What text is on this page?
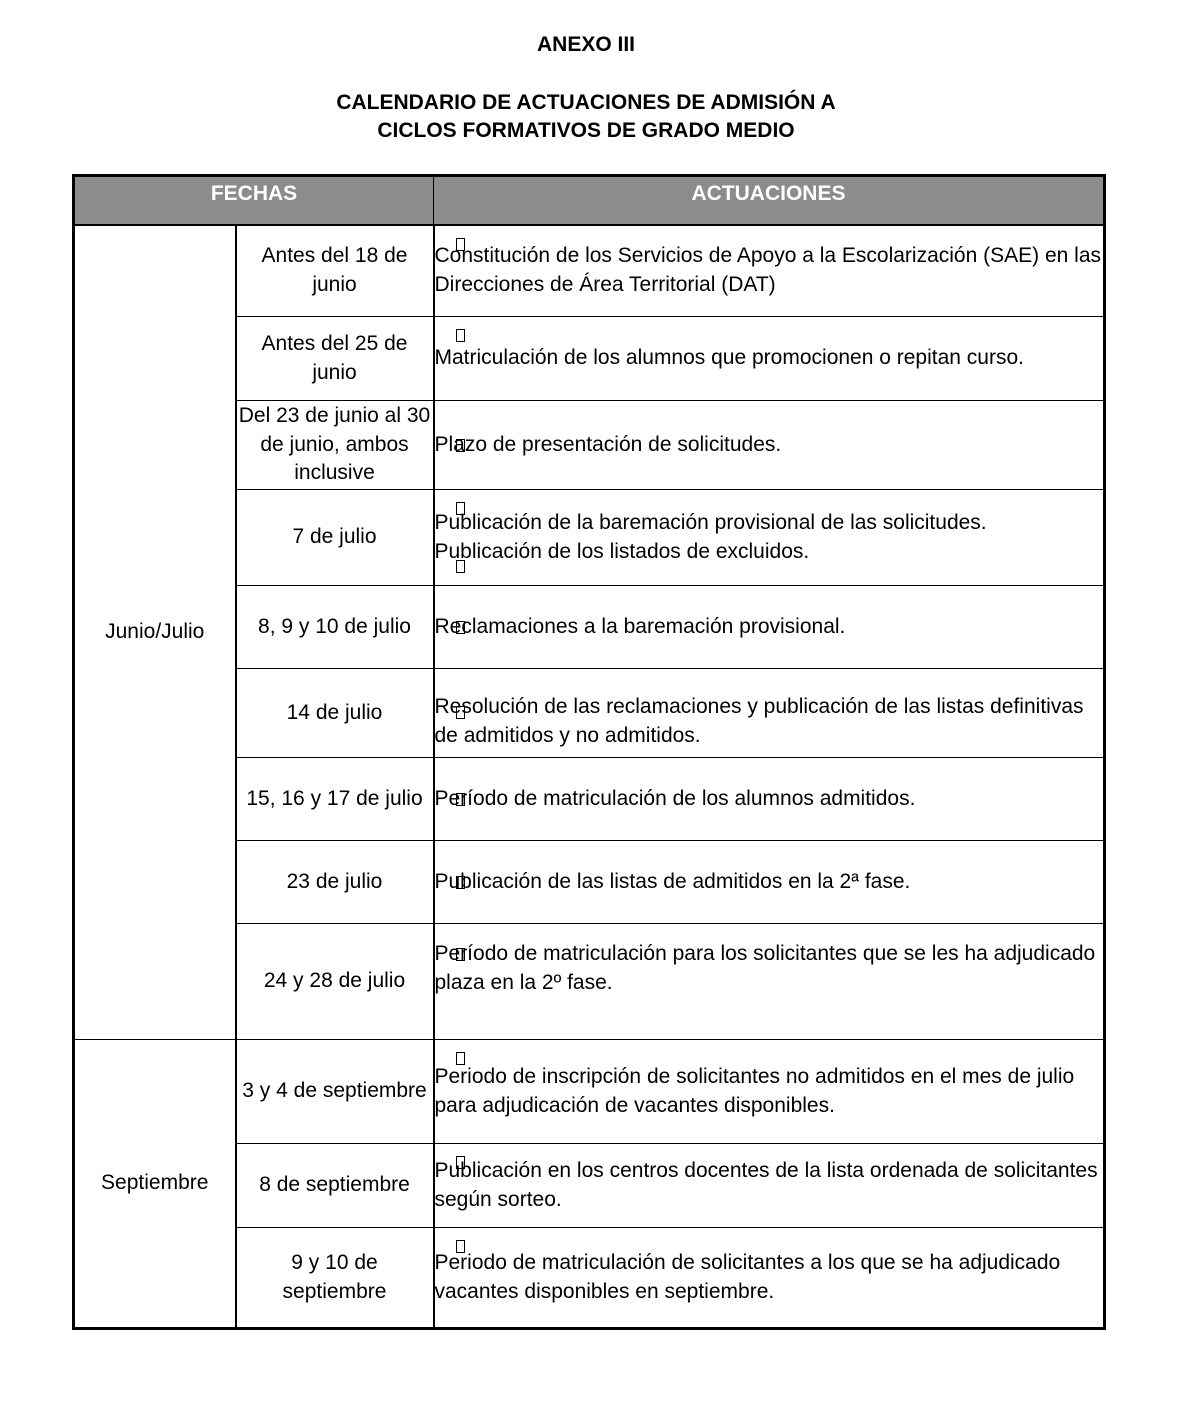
ANEXO III
CALENDARIO DE ACTUACIONES DE ADMISIÓN A
CICLOS FORMATIVOS DE GRADO MEDIO
FECHAS		ACTUACIONES
Junio/Julio	Antes del 18 de junio	Constitución de los Servicios de Apoyo a la Escolarización (SAE) en las Direcciones de Área Territorial (DAT)

	Antes del 25 de junio	Matriculación de los alumnos que promocionen o repitan curso.

	Del 23 de junio al 30 de junio, ambos inclusive	Plazo de presentación de solicitudes.

	7 de julio	Publicación de la baremación provisional de las solicitudes.
Publicación de los listados de excluidos.

	8, 9 y 10 de julio	Reclamaciones a la baremación provisional.

	14 de julio	Resolución de las reclamaciones y publicación de las listas definitivas de admitidos y no admitidos.

	15, 16 y 17 de julio	Período de matriculación de los alumnos admitidos.

	23 de julio	Publicación de las listas de admitidos en la 2ª fase.

	24 y 28 de julio	Período de matriculación para los solicitantes que se les ha adjudicado plaza en la 2º fase.

Septiembre	3 y 4 de septiembre	Periodo de inscripción de solicitantes no admitidos en el mes de julio para adjudicación de vacantes disponibles.

	8 de septiembre	Publicación en los centros docentes de la lista ordenada de solicitantes según sorteo.

	9 y 10 de septiembre	Periodo de matriculación de solicitantes a los que se ha adjudicado vacantes disponibles en septiembre.
